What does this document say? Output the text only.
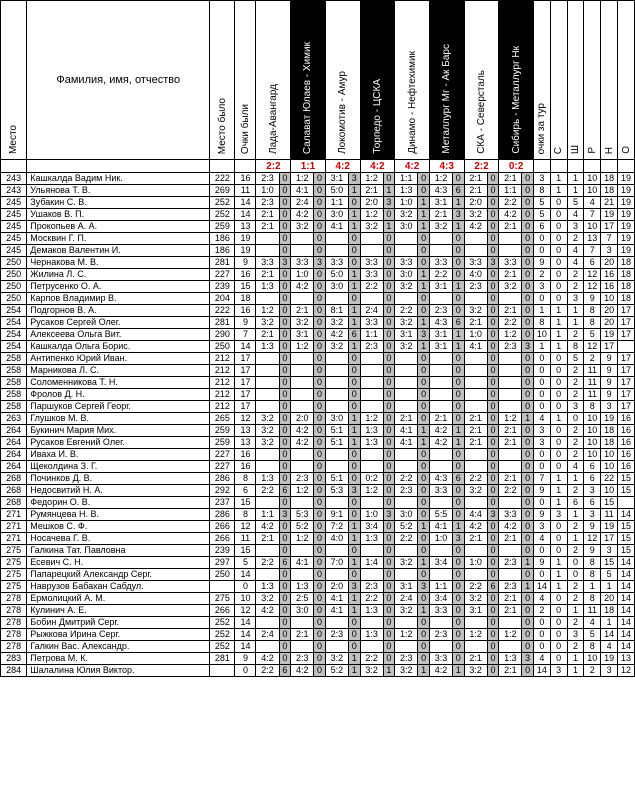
Место	Фамилия, имя, отчество	Место было	Очки были	Лада-Авангард		Салават Юлаев - Химик		Локомотив - Амур		Торпедо - ЦСКА		Динамо - Нефтехимик		Металлург Мг - Ак Барс		СКА - Северсталь		Сибирь - Металлург Нк		очки за тур	С	Ш	Р	Н	О
				2:2		1:1		4:2		4:2		4:2		4:3		2:2		0:2							
243	Кашкалда Вадим Ник.	222	16	2:3	0	1:2	0	3:1	3	1:2	0	1:1	0	1:2	0	2:1	0	2:1	0	3	1	1	10	18	19
243	Ульянова Т. В.	269	11	1:0	0	4:1	0	5:0	1	2:1	1	1:3	0	4:3	6	2:1	0	1:1	0	8	1	1	10	18	19
245	Зубакин С. В.	252	14	2:3	0	2:4	0	1:1	0	2:0	3	1:0	1	3:1	1	2:0	0	2:2	0	5	0	5	4	21	19
245	Ушаков В. П.	252	14	2:1	0	4:2	0	3:0	1	1:2	0	3:2	1	2:1	3	3:2	0	4:2	0	5	0	4	7	19	19
245	Прокопьев А. А.	259	13	2:1	0	3:2	0	4:1	1	3:2	1	3:0	1	3:2	1	4:2	0	2:1	0	6	0	3	10	17	19
245	Москвин Г. П.	186	19		0		0		0		0		0		0		0		0	0	0	2	13	7	19
245	Демаков Валентин И.	186	19		0		0		0		0		0		0		0		0	0	0	4	7	3	19
250	Чернакова М. В.	281	9	3:3	3	3:3	3	3:3	0	3:3	0	3:3	0	3:3	0	3:3	3	3:3	0	9	0	4	6	20	18
250	Жилина Л. С.	227	16	2:1	0	1:0	0	5:0	1	3:3	0	3:0	1	2:2	0	4:0	0	2:1	0	2	0	2	12	16	18
250	Петрусенко О. А.	239	15	1:3	0	4:2	0	3:0	1	2:2	0	3:2	1	3:1	1	2:3	0	3:2	0	3	0	2	12	16	18
250	Карпов Владимир В.	204	18		0		0		0		0		0		0		0		0	0	0	3	9	10	18
254	Подгорнов В. А.	222	16	1:2	0	2:1	0	8:1	1	2:4	0	2:2	0	2:3	0	3:2	0	2:1	0	1	1	1	8	20	17
254	Русаков Сергей Олег.	281	9	3:2	0	3:2	0	3:2	1	3:3	0	3:2	1	4:3	6	2:1	0	2:2	0	8	1	1	8	20	17
254	Алексеева Ольга Вит.	290	7	2:1	0	3:1	0	4:2	6	1:1	0	3:1	3	3:1	1	1:0	0	1:2	0	10	1	2	5	19	17
254	Кашкалда Ольга Борис.	250	14	1:3	0	1:2	0	3:2	1	2:3	0	3:2	1	3:1	1	4:1	0	2:3	3	1	1	8	12	17	
258	Антипенко Юрий Иван.	212	17		0		0		0		0		0		0		0		0	0	0	5	2	9	17
258	Марникова Л. С.	212	17		0		0		0		0		0		0		0		0	0	0	2	11	9	17
258	Соломенникова Т. Н.	212	17		0		0		0		0		0		0		0		0	0	0	2	11	9	17
258	Фролов Д. Н.	212	17		0		0		0		0		0		0		0		0	0	0	2	11	9	17
258	Паршуков Сергей Георг.	212	17		0		0		0		0		0		0		0		0	0	0	3	8	3	17
263	Глушков М. В.	265	12	3:2	0	2:0	0	3:0	1	1:2	0	2:1	0	2:1	0	2:1	0	1:2	1	4	1	0	10	19	16
264	Букинич Мария Мих.	259	13	3:2	0	4:2	0	5:1	1	1:3	0	4:1	1	4:2	1	2:1	0	2:1	0	3	0	2	10	18	16
264	Русаков Евгений Олег.	259	13	3:2	0	4:2	0	5:1	1	1:3	0	4:1	1	4:2	1	2:1	0	2:1	0	3	0	2	10	18	16
264	Ивахa И. В.	227	16		0		0		0		0		0		0		0		0	0	0	2	10	10	16
264	Щеколдина З. Г.	227	16		0		0		0		0		0		0		0		0	0	0	4	6	10	16
268	Починков Д. В.	286	8	1:3	0	2:3	0	5:1	0	0:2	0	2:2	0	4:3	6	2:2	0	2:1	0	7	1	1	6	22	15
268	Недосвитий Н. А.	292	6	2:2	6	1:2	0	5:3	3	1:2	0	2:3	0	3:3	0	3:2	0	2:2	0	9	1	2	3	10	15
268	Федорин О. В.	237	15		0		0		0		0		0		0		0		0	0	1	6	6	15	
271	Румянцева Н. В.	286	8	1:1	3	5:3	0	9:1	0	1:0	3	3:0	0	5:5	0	4:4	3	3:3	0	9	3	1	3	11	14
271	Мешков С. Ф.	266	12	4:2	0	5:2	0	7:2	1	3:4	0	5:2	1	4:1	1	4:2	0	4:2	0	3	0	2	9	19	15
271	Носачева Г. В.	266	11	2:1	0	1:2	0	4:0	1	1:3	0	2:2	0	1:0	3	2:1	0	2:1	0	4	0	1	12	17	15
275	Галкина Тат. Павловна	239	15		0		0		0		0		0		0		0		0	0	0	2	9	3	15
275	Есевич С. Н.	297	5	2:2	6	4:1	0	7:0	1	1:4	0	3:2	1	3:4	0	1:0	0	2:3	1	9	1	0	8	15	14
275	Папарецкий Александр Серг.	250	14		0		0		0		0		0		0		0		0	0	1	0	8	5	14
275	Наврузов Бабахан Сабдул.		0	1:3	0	1:3	0	2:0	3	2:3	0	3:1	3	1:1	0	2:2	6	2:3	1	14	1	2	1	1	14
278	Ермолицкий А. М.	275	10	3:2	0	2:5	0	4:1	1	2:2	0	2:4	0	3:4	0	3:2	0	2:1	0	4	0	2	8	20	14
278	Кулинич А. Е.	266	12	4:2	0	3:0	0	4:1	1	1:3	0	3:2	1	3:3	0	3:1	0	2:1	0	2	0	1	11	18	14
278	Бобин Дмитрий Серг.	252	14		0		0		0		0		0		0		0		0	0	0	2	4	1	14
278	Рыжкова Ирина Серг.	252	14	2:4	0	2:1	0	2:3	0	1:3	0	1:2	0	2:3	0	1:2	0	1:2	0	0	0	3	5	14	14
278	Галкин Вас. Александр.	252	14		0		0		0		0		0		0		0		0	0	0	2	8	4	14
283	Петрова М. К.	281	9	4:2	0	2:3	0	3:2	1	2:2	0	2:3	0	3:3	0	2:1	0	1:3	3	4	0	1	10	19	13
284	Шалалина Юлия Виктор.		0	2:2	6	4:2	0	5:2	1	3:2	1	3:2	1	4:2	1	3:2	0	2:1	0	14	3	1	2	3	12
